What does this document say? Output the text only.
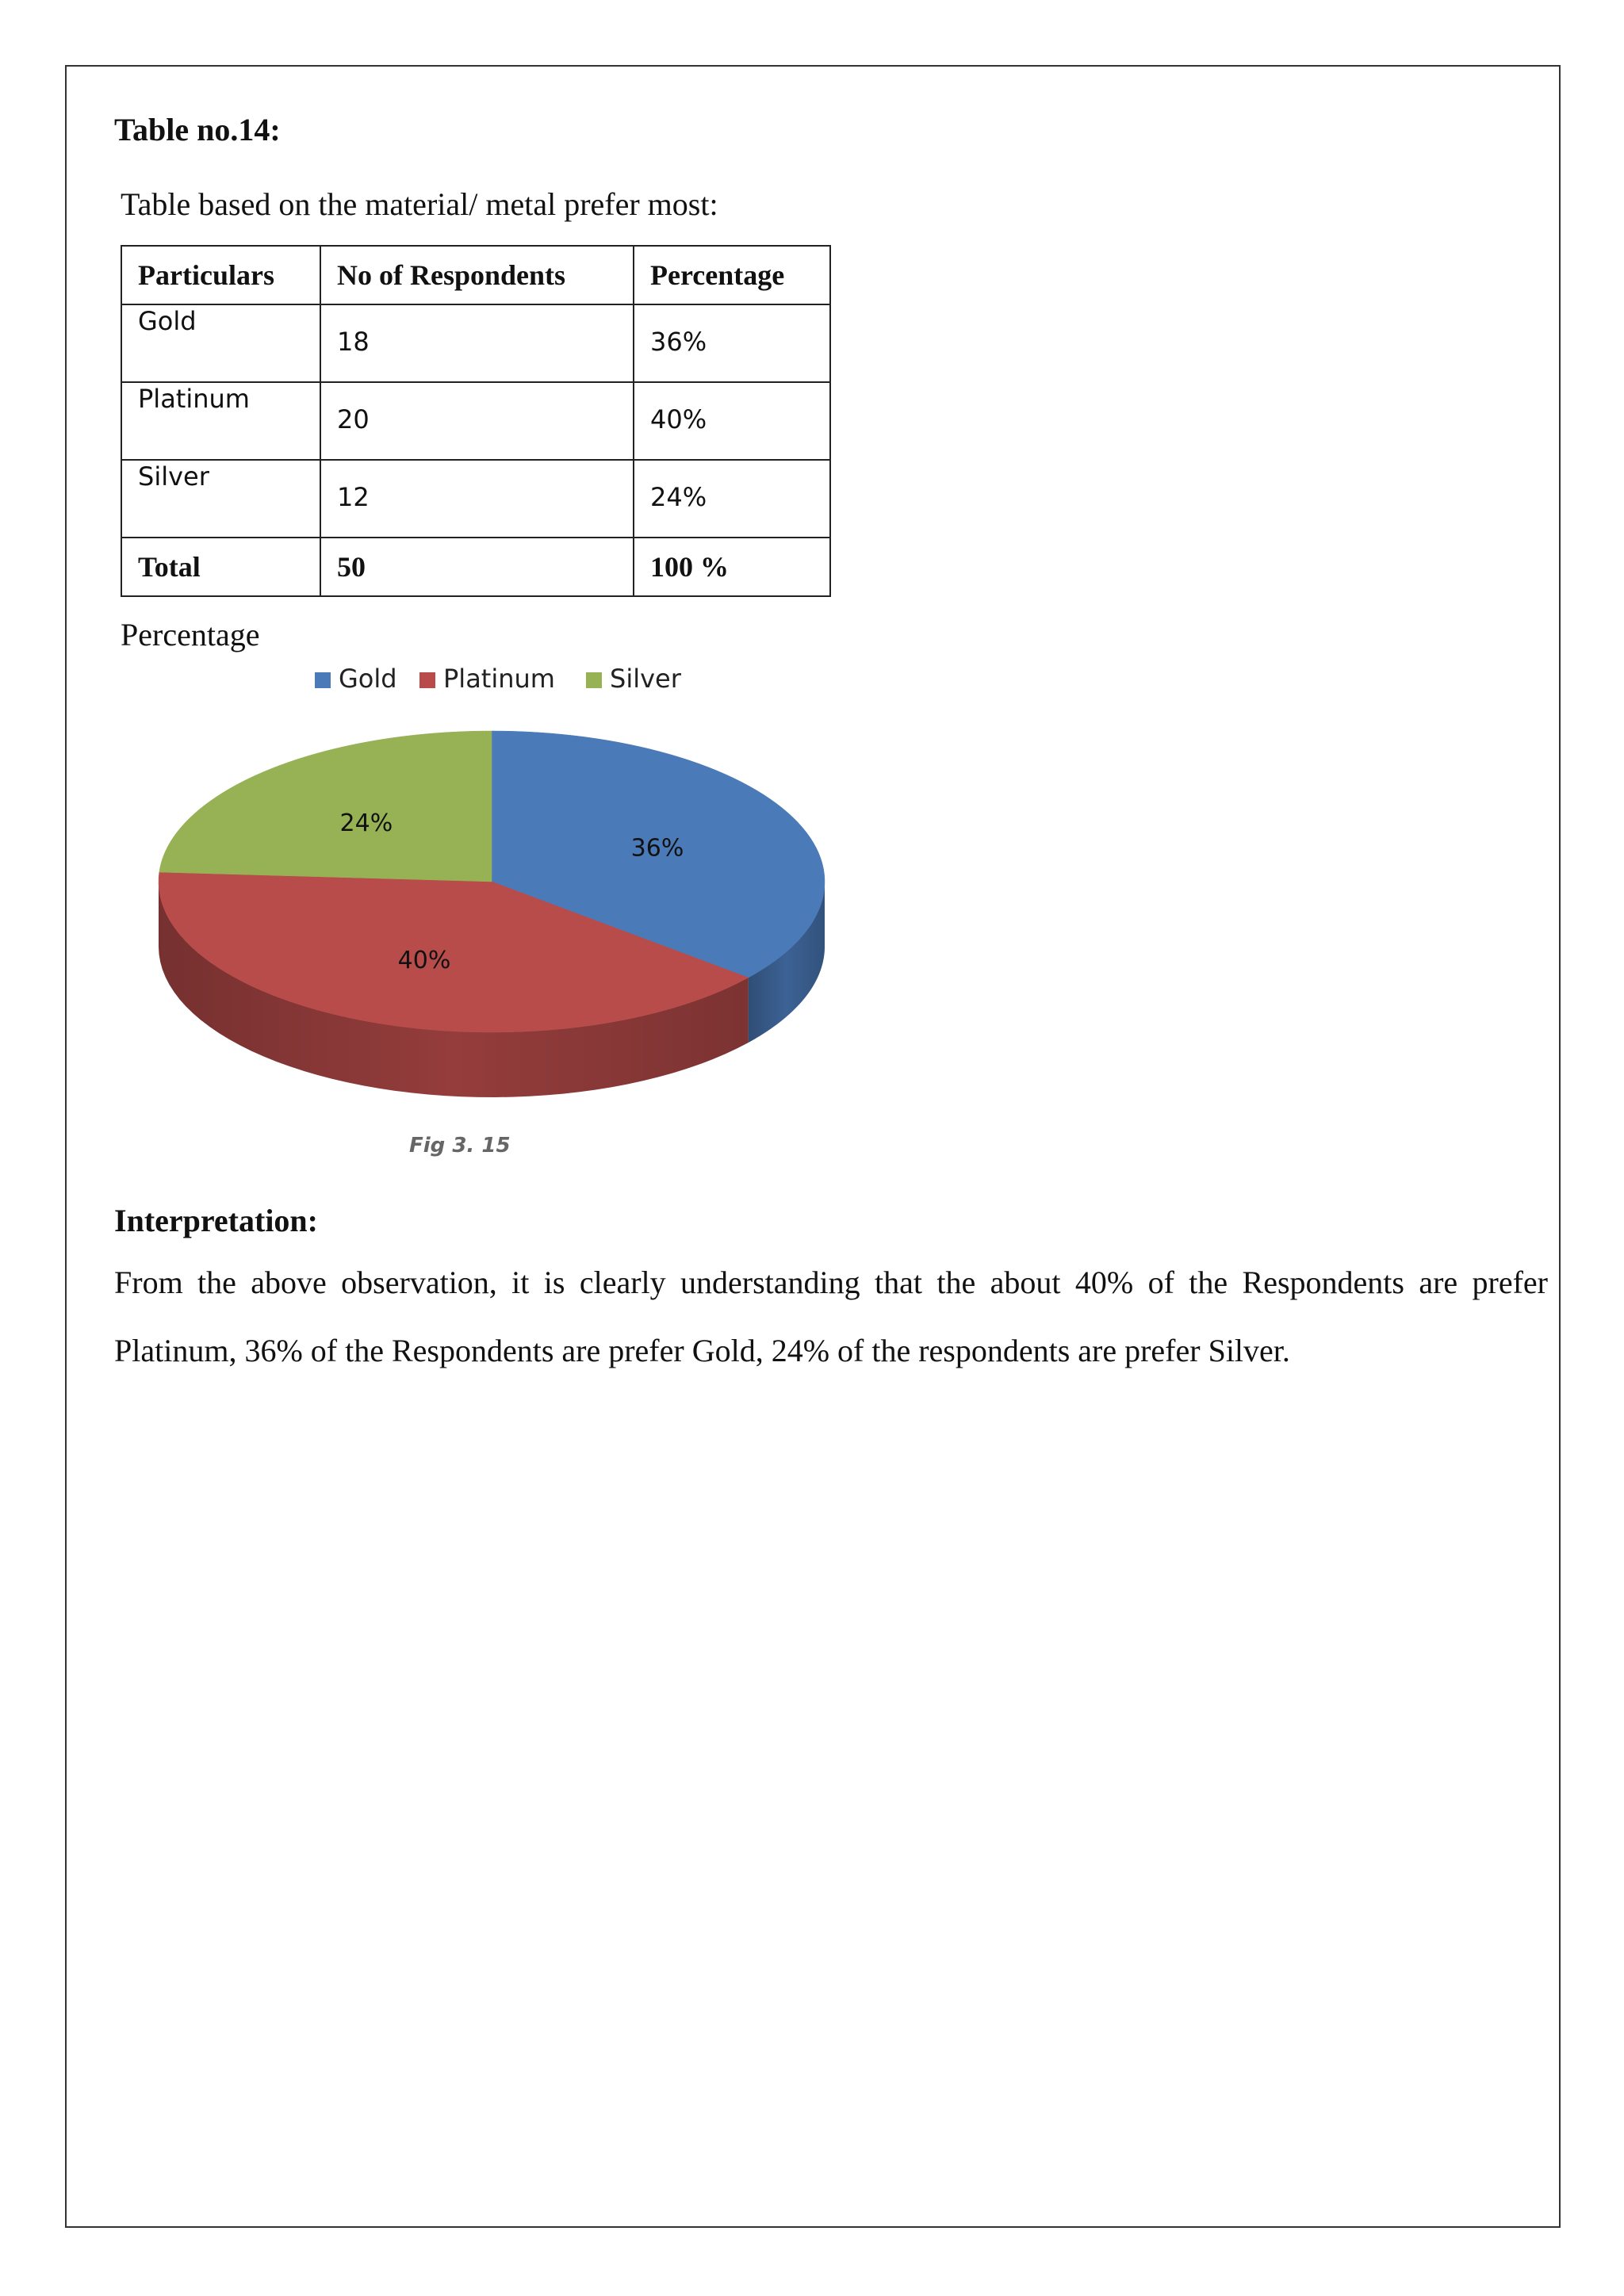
Table no.14:

Table based on the material/ metal prefer most:

Particulars	No of Respondents	Percentage

Gold	18	36%

Platinum	20	40%

Silver	12	24%

Total	50	100 %

Percentage

Gold Platinum Silver
36%
40%
24%

Fig 3. 15

Interpretation:

From the above observation, it is clearly understanding that the about 40% of the Respondents are prefer Platinum, 36% of the Respondents are prefer Gold, 24% of the respondents are prefer Silver.
